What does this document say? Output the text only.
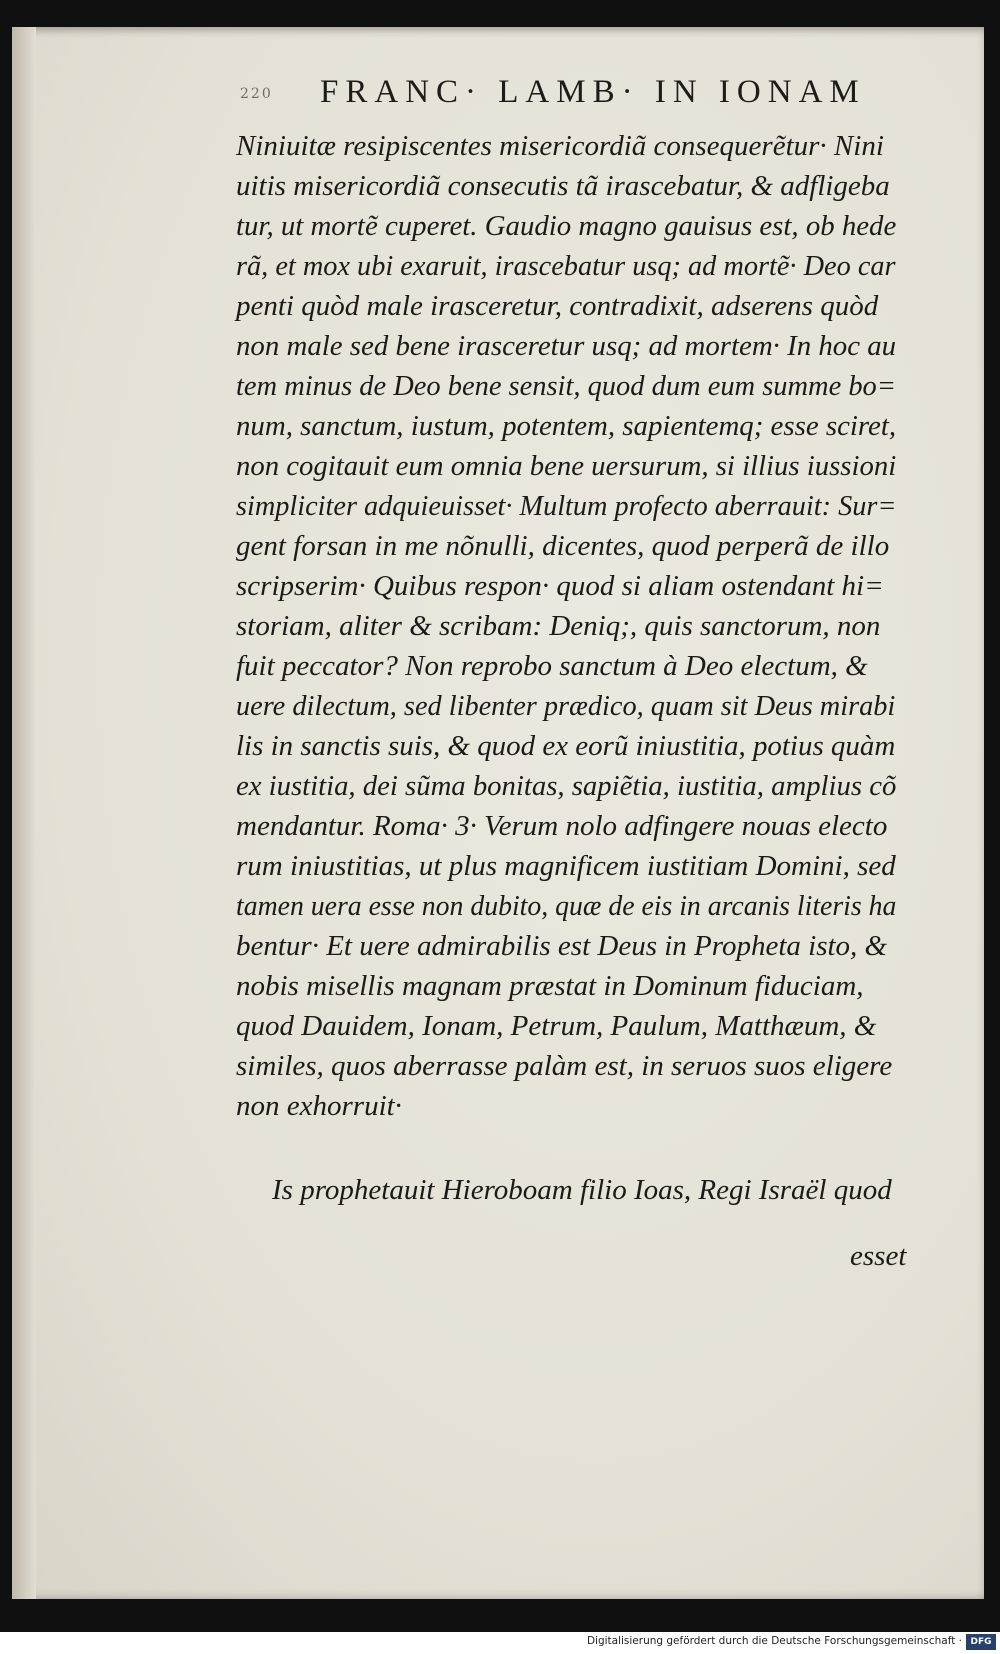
220 FRANC· LAMB· IN IONAM
Niniuitæ resipiscentes misericordiã consequerẽtur· Nini
uitis misericordiã consecutis tã irascebatur, & adfligeba
tur, ut mortẽ cuperet. Gaudio magno gauisus est, ob hede
rã, et mox ubi exaruit, irascebatur usq; ad mortẽ· Deo car
penti quòd male irasceretur, contradixit, adserens quòd
non male sed bene irasceretur usq; ad mortem· In hoc au
tem minus de Deo bene sensit, quod dum eum summe bo=
num, sanctum, iustum, potentem, sapientemq; esse sciret,
non cogitauit eum omnia bene uersurum, si illius iussioni
simpliciter adquieuisset· Multum profecto aberrauit: Sur=
gent forsan in me nõnulli, dicentes, quod perperã de illo
scripserim· Quibus respon· quod si aliam ostendant hi=
storiam, aliter & scribam: Deniq;, quis sanctorum, non
fuit peccator? Non reprobo sanctum à Deo electum, &
uere dilectum, sed libenter prædico, quam sit Deus mirabi
lis in sanctis suis, & quod ex eorũ iniustitia, potius quàm
ex iustitia, dei sũma bonitas, sapiẽtia, iustitia, amplius cõ
mendantur. Roma· 3· Verum nolo adfingere nouas electo
rum iniustitias, ut plus magnificem iustitiam Domini, sed
tamen uera esse non dubito, quæ de eis in arcanis literis ha
bentur· Et uere admirabilis est Deus in Propheta isto, &
nobis misellis magnam præstat in Dominum fiduciam,
quod Dauidem, Ionam, Petrum, Paulum, Matthæum, &
similes, quos aberrasse palàm est, in seruos suos eligere
non exhorruit·
Is prophetauit Hieroboam filio Ioas, Regi Israël quod
esset
Digitalisierung gefördert durch die Deutsche Forschungsgemeinschaft · DFG
